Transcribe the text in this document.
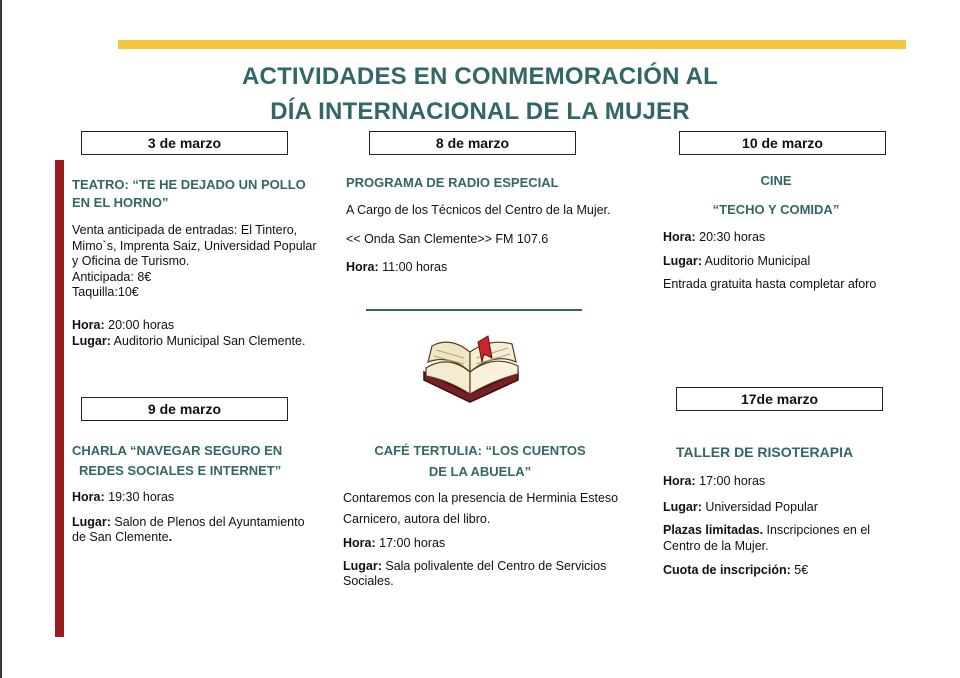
ACTIVIDADES EN CONMEMORACIÓN AL
DÍA INTERNACIONAL DE LA MUJER
3 de marzo
TEATRO: “TE HE DEJADO UN POLLO
EN EL HORNO”
Venta anticipada de entradas: El Tintero,
Mimo`s, Imprenta Saiz, Universidad Popular
y Oficina de Turismo.
Anticipada: 8€
Taquilla:10€
Hora: 20:00 horas
Lugar: Auditorio Municipal San Clemente.
8 de marzo
PROGRAMA DE RADIO ESPECIAL
A Cargo de los Técnicos del Centro de la Mujer.
<< Onda San Clemente>> FM 107.6
Hora: 11:00 horas
10 de marzo
CINE
“TECHO Y COMIDA”
Hora: 20:30 horas
Lugar: Auditorio Municipal
Entrada gratuita hasta completar aforo
9 de marzo
CHARLA “NAVEGAR SEGURO EN
REDES SOCIALES E INTERNET”
Hora: 19:30 horas
Lugar: Salon de Plenos del Ayuntamiento
de San Clemente.
CAFÉ TERTULIA: “LOS CUENTOS
DE LA ABUELA”
Contaremos con la presencia de Herminia Esteso
Carnicero, autora del libro.
Hora: 17:00 horas
Lugar: Sala polivalente del Centro de Servicios
Sociales.
17de marzo
TALLER DE RISOTERAPIA
Hora: 17:00 horas
Lugar: Universidad Popular
Plazas limitadas. Inscripciones en el
Centro de la Mujer.
Cuota de inscripción: 5€
